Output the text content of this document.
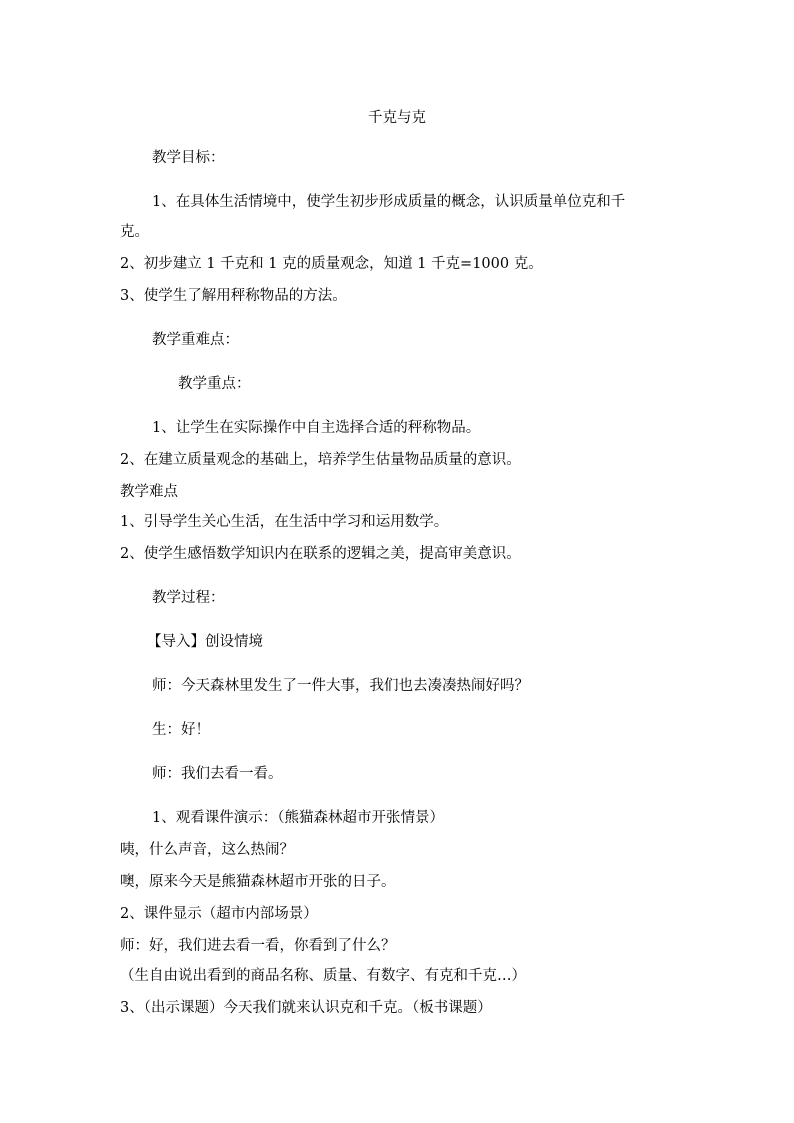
千克与克
教学目标：
1、在具体生活情境中，使学生初步形成质量的概念，认识质量单位克和千
克。
2、初步建立 1 千克和 1 克的质量观念，知道 1 千克=1000 克。
3、使学生了解用秤称物品的方法。
教学重难点：
教学重点：
1、让学生在实际操作中自主选择合适的秤称物品。
2、在建立质量观念的基础上，培养学生估量物品质量的意识。
教学难点
1、引导学生关心生活，在生活中学习和运用数学。
2、使学生感悟数学知识内在联系的逻辑之美，提高审美意识。
教学过程：
【导入】创设情境
师：今天森林里发生了一件大事，我们也去凑凑热闹好吗？
生：好！
师：我们去看一看。
1、观看课件演示：（熊猫森林超市开张情景）
咦，什么声音，这么热闹？
噢，原来今天是熊猫森林超市开张的日子。
2、课件显示（超市内部场景）
师：好，我们进去看一看，你看到了什么？
（生自由说出看到的商品名称、质量、有数字、有克和千克…）
3、（出示课题）今天我们就来认识克和千克。（板书课题）
